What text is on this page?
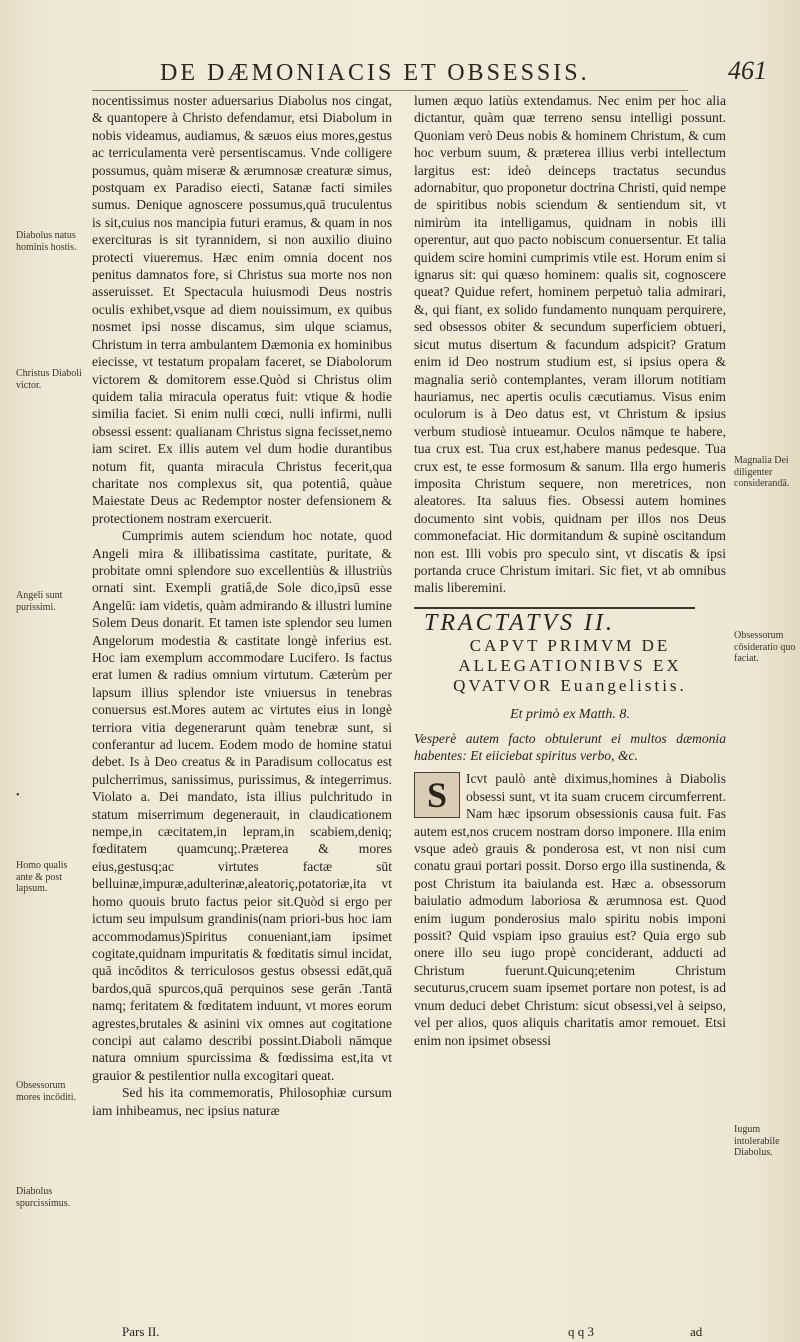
DE DÆMONIACIS ET OBSESSIS.	461
Diabolus natus hominis hostis.
Christus Diaboli victor.
Angeli sunt purissimi.
•
Homo qualis ante & post lapsum.
Obsessorum mores incōditi.
Diabolus spurcissimus.
Magnalia Dei diligenter considerandā.
Obsessorum cōsideratio quo faciat.
Iugum intolerabile Diabolus.

nocentissimus noster aduersarius Diabolus nos cingat, & quantopere à Christo defendamur, etsi Diabolum in nobis videamus, audiamus, & sæuos eius mores,gestus ac terriculamenta verè persentiscamus. Vnde colligere possumus, quàm miseræ & ærumnosæ creaturæ simus, postquam ex Paradiso eiecti, Satanæ facti similes sumus. Denique agnoscere possumus,quā truculentus is sit,cuius nos mancipia futuri eramus, & quam in nos exercituras is sit tyrannidem, si non auxilio diuino protecti viueremus. Hæc enim omnia docent nos penitus damnatos fore, si Christus sua morte nos non asseruisset. Et Spectacula huiusmodi Deus nostris oculis exhibet,vsque ad diem nouissimum, ex quibus nosmet ipsi nosse discamus, sim ulque sciamus, Christum in terra ambulantem Dæmonia ex hominibus eiecisse, vt testatum propalam faceret, se Diabolorum victorem & domitorem esse.Quòd si Christus olim quidem talia miracula operatus fuit: vtique & hodie similia faciet. Si enim nulli cœci, nulli infirmi, nulli obsessi essent: qualianam Christus signa fecisset,nemo iam sciret. Ex illis autem vel dum hodie durantibus notum fit, quanta miracula Christus fecerit,qua charitate nos complexus sit, qua potentiâ, quàue Maiestate Deus ac Redemptor noster defensionem & protectionem nostram exercuerit.

Cumprimis autem sciendum hoc notate, quod Angeli mira & illibatissima castitate, puritate, & probitate omni splendore suo excellentiùs & illustriùs ornati sint. Exempli gratiâ,de Sole dico,ipsū esse Angelū: iam videtis, quàm admirando & illustri lumine Solem Deus donarit. Et tamen iste splendor seu lumen Angelorum modestia & castitate longè inferius est. Hoc iam exemplum accommodare Lucifero. Is factus erat lumen & radius omnium virtutum. Cæterùm per lapsum illius splendor iste vniuersus in tenebras conuersus est.Mores autem ac virtutes eius in longè terriora vitia degenerarunt quàm tenebræ sunt, si conferantur ad lucem. Eodem modo de homine statui debet. Is à Deo creatus & in Paradisum collocatus est pulcherrimus, sanissimus, purissimus, & integerrimus. Violato a. Dei mandato, ista illius pulchritudo in statum miserrimum degenerauit, in claudicationem nempe,in cæcitatem,in lepram,in scabiem,deniq; fœditatem quamcunq;.Præterea & mores eius,gestusq;ac virtutes factæ sūt belluinæ,impuræ,adulterinæ,aleatoriç,potatoriæ,ita vt homo quouis bruto factus peior sit.Quòd si ergo per ictum seu impulsum grandinis(nam priori-bus hoc iam accommodamus)Spiritus conueniant,iam ipsimet cogitate,quidnam impuritatis & fœditatis simul incidat, quā incōditos & terriculosos gestus obsessi edāt,quā bardos,quā spurcos,quā perquinos sese gerān .Tantā namq; feritatem & fœditatem induunt, vt mores eorum agrestes,brutales & asinini vix omnes aut cogitatione concipi aut calamo describi possint.Diaboli nāmque natura omnium spurcissima & fœdissima est,ita vt grauior & pestilentior nulla excogitari queat.

Sed his ita commemoratis, Philosophiæ cursum iam inhibeamus, nec ipsius naturæ

lumen æquo latiùs extendamus. Nec enim per hoc alia dictantur, quàm quæ terreno sensu intelligi possunt. Quoniam verò Deus nobis & hominem Christum, & cum hoc verbum suum, & præterea illius verbi intellectum largitus est: ideò deinceps tractatus secundus adornabitur, quo proponetur doctrina Christi, quid nempe de spiritibus nobis sciendum & sentiendum sit, vt nimirùm ita intelligamus, quidnam in nobis illi operentur, aut quo pacto nobiscum conuersentur. Et talia quidem scire homini cumprimis vtile est. Horum enim si ignarus sit: qui quæso hominem: qualis sit, cognoscere queat? Quidue refert, hominem perpetuò talia admirari, &, qui fiant, ex solido fundamento nunquam perquirere, sed obsessos obiter & secundum superficiem obtueri, sicut mutus disertum & facundum adspicit? Gratum enim id Deo nostrum studium est, si ipsius opera & magnalia seriò contemplantes, veram illorum notitiam hauriamus, nec apertis oculis cæcutiamus. Visus enim oculorum is à Deo datus est, vt Christum & ipsius verbum studiosè intueamur. Oculos nāmque te habere, tua crux est. Tua crux est,habere manus pedesque. Tua crux est, te esse formosum & sanum. Illa ergo humeris imposita Christum sequere, non meretrices, non aleatores. Ita saluus fies. Obsessi autem homines documento sint vobis, quidnam per illos nos Deus commonefaciat. Hic dormitandum & supinè oscitandum non est. Illi vobis pro speculo sint, vt discatis & ipsi portanda cruce Christum imitari. Sic fiet, vt ab omnibus malis liberemini.

TRACTATVS II.

CAPVT PRIMVM DE ALLEGATIONIBVS EX QVATVOR Euangelistis.

Et primò ex Matth. 8.

Vesperè autem facto obtulerunt ei multos dæmonia habentes: Et eiiciebat spiritus verbo, &c.

S	Icvt paulò antè diximus,homines à Diabolis obsessi sunt, vt ita suam crucem circumferrent. Nam hæc ipsorum obsessionis causa fuit. Fas autem est,nos crucem nostram dorso imponere. Illa enim vsque adeò grauis & ponderosa est, vt non nisi cum conatu graui portari possit. Dorso ergo illa sustinenda, & post Christum ita baiulanda est. Hæc a. obsessorum baiulatio admodum laboriosa & ærumnosa est. Quod enim iugum ponderosius malo spiritu nobis imponi possit? Quid vspiam ipso grauius est? Quia ergo sub onere illo seu iugo propè conciderant, adducti ad Christum fuerunt.Quicunq;etenim Christum secuturus,crucem suam ipsemet portare non potest, is ad vnum deduci debet Christum: sicut obsessi,vel à seipso, vel per alios, quos aliquis charitatis amor remouet. Etsi enim non ipsimet obsessi

Pars II.	q q 3	ad
